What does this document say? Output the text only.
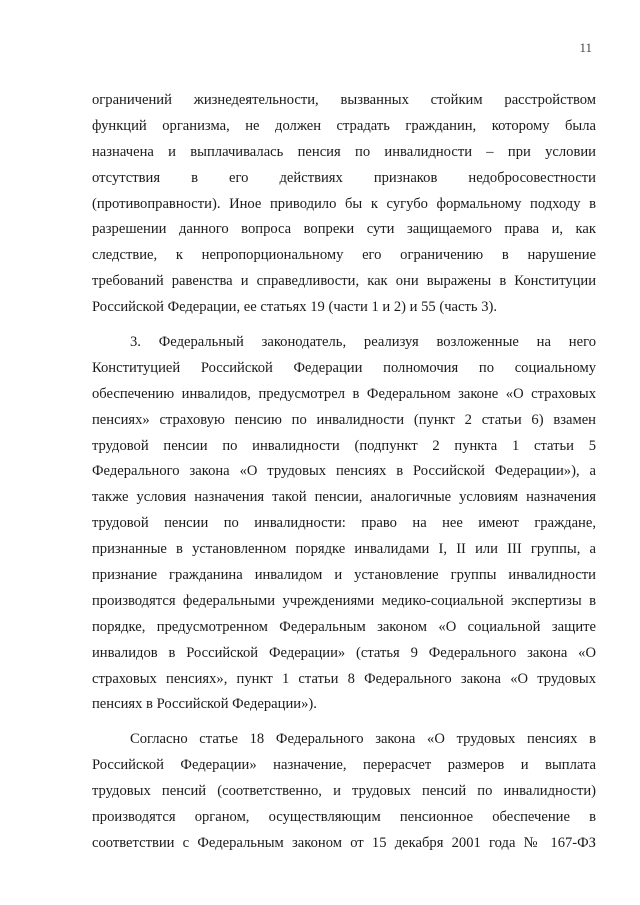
11
ограничений жизнедеятельности, вызванных стойким расстройством
функций организма, не должен страдать гражданин, которому была
назначена и выплачивалась пенсия по инвалидности – при условии
отсутствия в его действиях признаков недобросовестности
(противоправности). Иное приводило бы к сугубо формальному подходу в
разрешении данного вопроса вопреки сути защищаемого права и, как
следствие, к непропорциональному его ограничению в нарушение
требований равенства и справедливости, как они выражены в Конституции
Российской Федерации, ее статьях 19 (части 1 и 2) и 55 (часть 3).
3. Федеральный законодатель, реализуя возложенные на него
Конституцией Российской Федерации полномочия по социальному
обеспечению инвалидов, предусмотрел в Федеральном законе «О страховых
пенсиях» страховую пенсию по инвалидности (пункт 2 статьи 6) взамен
трудовой пенсии по инвалидности (подпункт 2 пункта 1 статьи 5
Федерального закона «О трудовых пенсиях в Российской Федерации»), а
также условия назначения такой пенсии, аналогичные условиям назначения
трудовой пенсии по инвалидности: право на нее имеют граждане,
признанные в установленном порядке инвалидами I, II или III группы, а
признание гражданина инвалидом и установление группы инвалидности
производятся федеральными учреждениями медико-социальной экспертизы в
порядке, предусмотренном Федеральным законом «О социальной защите
инвалидов в Российской Федерации» (статья 9 Федерального закона «О
страховых пенсиях», пункт 1 статьи 8 Федерального закона «О трудовых
пенсиях в Российской Федерации»).
Согласно статье 18 Федерального закона «О трудовых пенсиях в
Российской Федерации» назначение, перерасчет размеров и выплата
трудовых пенсий (соответственно, и трудовых пенсий по инвалидности)
производятся органом, осуществляющим пенсионное обеспечение в
соответствии с Федеральным законом от 15 декабря 2001 года № 167-ФЗ
